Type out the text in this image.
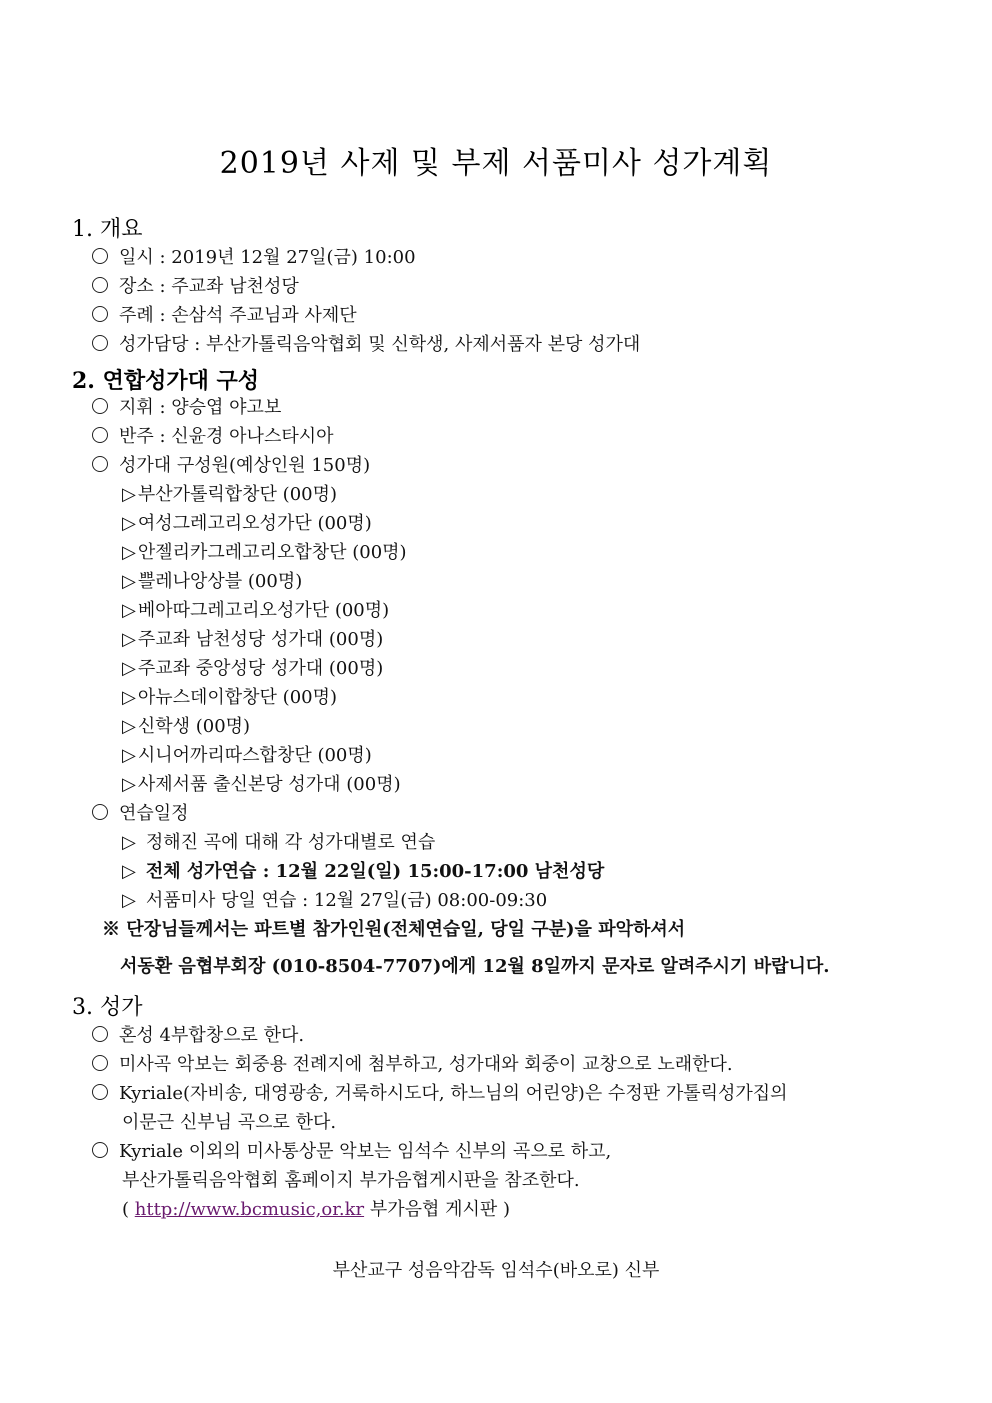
2019년 사제 및 부제 서품미사 성가계획
1. 개요
일시 : 2019년 12월 27일(금) 10:00
장소 : 주교좌 남천성당
주례 : 손삼석 주교님과 사제단
성가담당 : 부산가톨릭음악협회 및 신학생, 사제서품자 본당 성가대
2. 연합성가대 구성
지휘 : 양승엽 야고보
반주 : 신윤경 아나스타시아
성가대 구성원(예상인원 150명)
▷ 부산가톨릭합창단 (00명)
▷ 여성그레고리오성가단 (00명)
▷ 안젤리카그레고리오합창단 (00명)
▷ 쁠레나앙상블 (00명)
▷ 베아따그레고리오성가단 (00명)
▷ 주교좌 남천성당 성가대 (00명)
▷ 주교좌 중앙성당 성가대 (00명)
▷ 아뉴스데이합창단 (00명)
▷ 신학생 (00명)
▷ 시니어까리따스합창단 (00명)
▷ 사제서품 출신본당 성가대 (00명)
연습일정
▷ 정해진 곡에 대해 각 성가대별로 연습
▷ 전체 성가연습 : 12월 22일(일) 15:00-17:00 남천성당
▷ 서품미사 당일 연습 : 12월 27일(금) 08:00-09:30
※ 단장님들께서는 파트별 참가인원(전체연습일, 당일 구분)을 파악하셔서
서동환 음협부회장 (010-8504-7707)에게 12월 8일까지 문자로 알려주시기 바랍니다.
3. 성가
혼성 4부합창으로 한다.
미사곡 악보는 회중용 전례지에 첨부하고, 성가대와 회중이 교창으로 노래한다.
Kyriale(자비송, 대영광송, 거룩하시도다, 하느님의 어린양)은 수정판 가톨릭성가집의
이문근 신부님 곡으로 한다.
Kyriale 이외의 미사통상문 악보는 임석수 신부의 곡으로 하고,
부산가톨릭음악협회 홈페이지 부가음협게시판을 참조한다.
( http://www.bcmusic,or.kr 부가음협 게시판 )
부산교구 성음악감독 임석수(바오로) 신부
